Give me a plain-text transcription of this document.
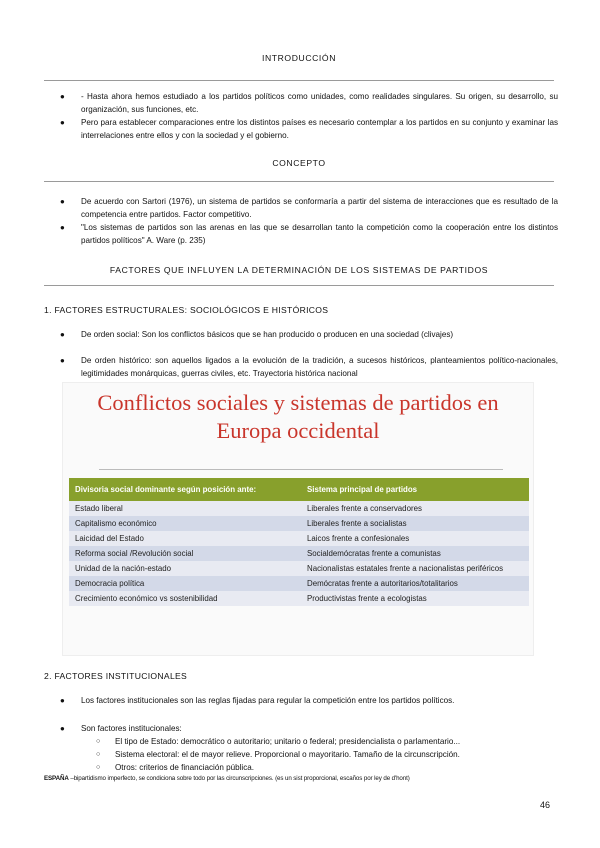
INTRODUCCIÓN
●	- Hasta ahora hemos estudiado a los partidos políticos como unidades, como realidades singulares. Su origen, su desarrollo, su organización, sus funciones, etc.
●	Pero para establecer comparaciones entre los distintos países es necesario contemplar a los partidos en su conjunto y examinar las interrelaciones entre ellos y con la sociedad y el gobierno.
CONCEPTO
●	De acuerdo con Sartori (1976), un sistema de partidos se conformaría a partir del sistema de interacciones que es resultado de la competencia entre partidos. Factor competitivo.
●	"Los sistemas de partidos son las arenas en las que se desarrollan tanto la competición como la cooperación entre los distintos partidos políticos" A. Ware (p. 235)
FACTORES QUE INFLUYEN LA DETERMINACIÓN DE LOS SISTEMAS DE PARTIDOS
1. FACTORES ESTRUCTURALES: SOCIOLÓGICOS E HISTÓRICOS
●	De orden social: Son los conflictos básicos que se han producido o producen en una sociedad (clivajes)
●	De orden histórico: son aquellos ligados a la evolución de la tradición, a sucesos históricos, planteamientos político-nacionales, legitimidades monárquicas, guerras civiles, etc. Trayectoria histórica nacional
Conflictos sociales y sistemas de partidos en
Europa occidental
Divisoria social dominante según posición ante:	Sistema principal de partidos
Estado liberal	Liberales frente a conservadores
Capitalismo económico	Liberales frente a socialistas
Laicidad del Estado	Laicos frente a confesionales
Reforma social /Revolución social	Socialdemócratas frente a comunistas
Unidad de la nación-estado	Nacionalistas estatales frente a nacionalistas periféricos
Democracia política	Demócratas frente a autoritarios/totalitarios
Crecimiento económico vs sostenibilidad	Productivistas frente a ecologistas
2. FACTORES INSTITUCIONALES
●	Los factores institucionales son las reglas fijadas para regular la competición entre los partidos políticos.
●	Son factores institucionales:
○	El tipo de Estado: democrático o autoritario; unitario o federal; presidencialista o parlamentario...
○	Sistema electoral: el de mayor relieve. Proporcional o mayoritario. Tamaño de la circunscripción.
○	Otros: criterios de financiación pública.
ESPAÑA –bipartidismo imperfecto, se condiciona sobre todo por las circunscripciones. (es un sist proporcional, escaños por ley de d'hont)
46
